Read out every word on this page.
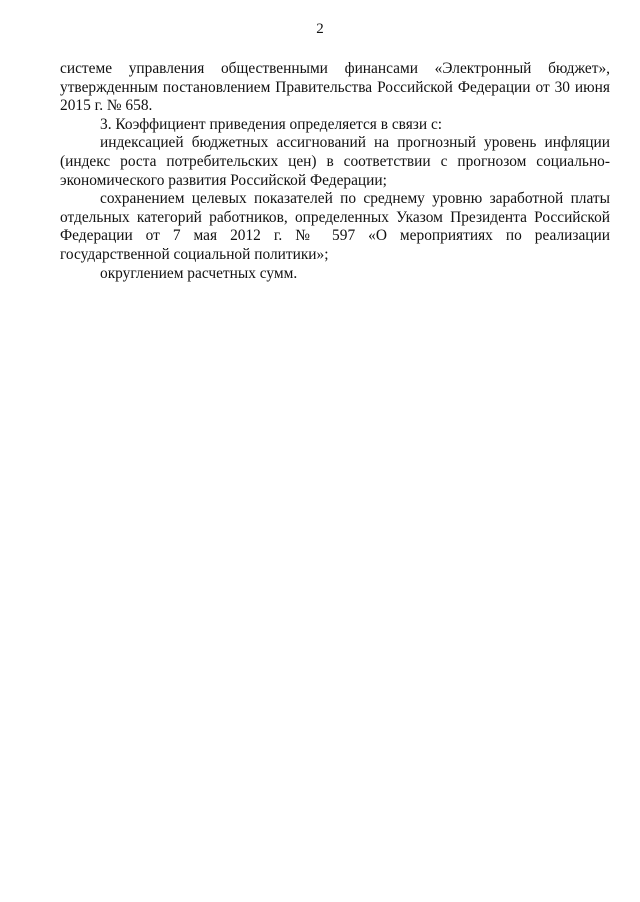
2

системе управления общественными финансами «Электронный бюджет», утвержденным постановлением Правительства Российской Федерации от 30 июня 2015 г. № 658.

3. Коэффициент приведения определяется в связи с:

индексацией бюджетных ассигнований на прогнозный уровень инфляции (индекс роста потребительских цен) в соответствии с прогнозом социально-экономического развития Российской Федерации;

сохранением целевых показателей по среднему уровню заработной платы отдельных категорий работников, определенных Указом Президента Российской Федерации от 7 мая 2012 г. № 597 «О мероприятиях по реализации государственной социальной политики»;

округлением расчетных сумм.
